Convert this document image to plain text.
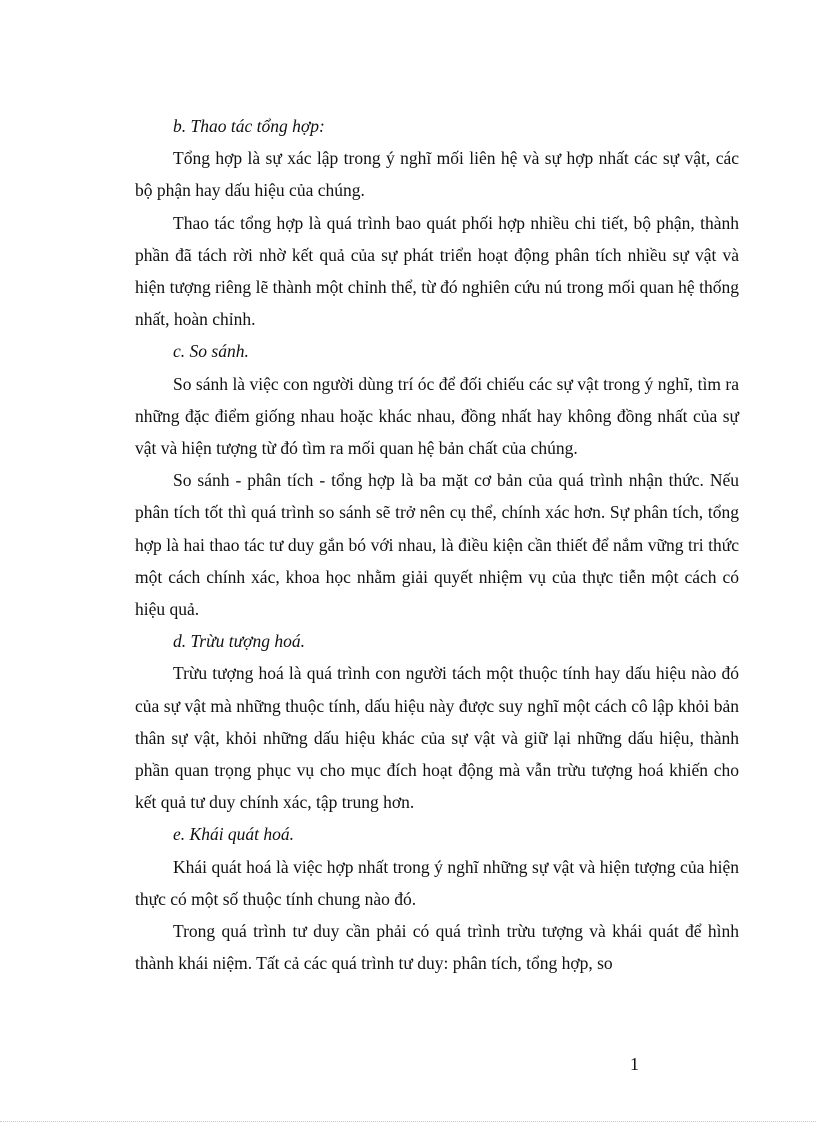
b. Thao tác tổng hợp:

Tổng hợp là sự xác lập trong ý nghĩ mối liên hệ và sự hợp nhất các sự vật, các bộ phận hay dấu hiệu của chúng.

Thao tác tổng hợp là quá trình bao quát phối hợp nhiều chi tiết, bộ phận, thành phần đã tách rời nhờ kết quả của sự phát triển hoạt động phân tích nhiều sự vật và hiện tượng riêng lẽ thành một chỉnh thể, từ đó nghiên cứu nú trong mối quan hệ thống nhất, hoàn chỉnh.

c. So sánh.

So sánh là việc con người dùng trí óc để đối chiếu các sự vật trong ý nghĩ, tìm ra những đặc điểm giống nhau hoặc khác nhau, đồng nhất hay không đồng nhất của sự vật và hiện tượng từ đó tìm ra mối quan hệ bản chất của chúng.

So sánh - phân tích - tổng hợp là ba mặt cơ bản của quá trình nhận thức. Nếu phân tích tốt thì quá trình so sánh sẽ trở nên cụ thể, chính xác hơn. Sự phân tích, tổng hợp là hai thao tác tư duy gắn bó với nhau, là điều kiện cần thiết để nắm vững tri thức một cách chính xác, khoa học nhằm giải quyết nhiệm vụ của thực tiễn một cách có hiệu quả.

d. Trừu tượng hoá.

Trừu tượng hoá là quá trình con người tách một thuộc tính hay dấu hiệu nào đó của sự vật mà những thuộc tính, dấu hiệu này được suy nghĩ một cách cô lập khỏi bản thân sự vật, khỏi những dấu hiệu khác của sự vật và giữ lại những dấu hiệu, thành phần quan trọng phục vụ cho mục đích hoạt động mà vẫn trừu tượng hoá khiến cho kết quả tư duy chính xác, tập trung hơn.

e. Khái quát hoá.

Khái quát hoá là việc hợp nhất trong ý nghĩ những sự vật và hiện tượng của hiện thực có một số thuộc tính chung nào đó.

Trong quá trình tư duy cần phải có quá trình trừu tượng và khái quát để hình thành khái niệm. Tất cả các quá trình tư duy: phân tích, tổng hợp, so

1
